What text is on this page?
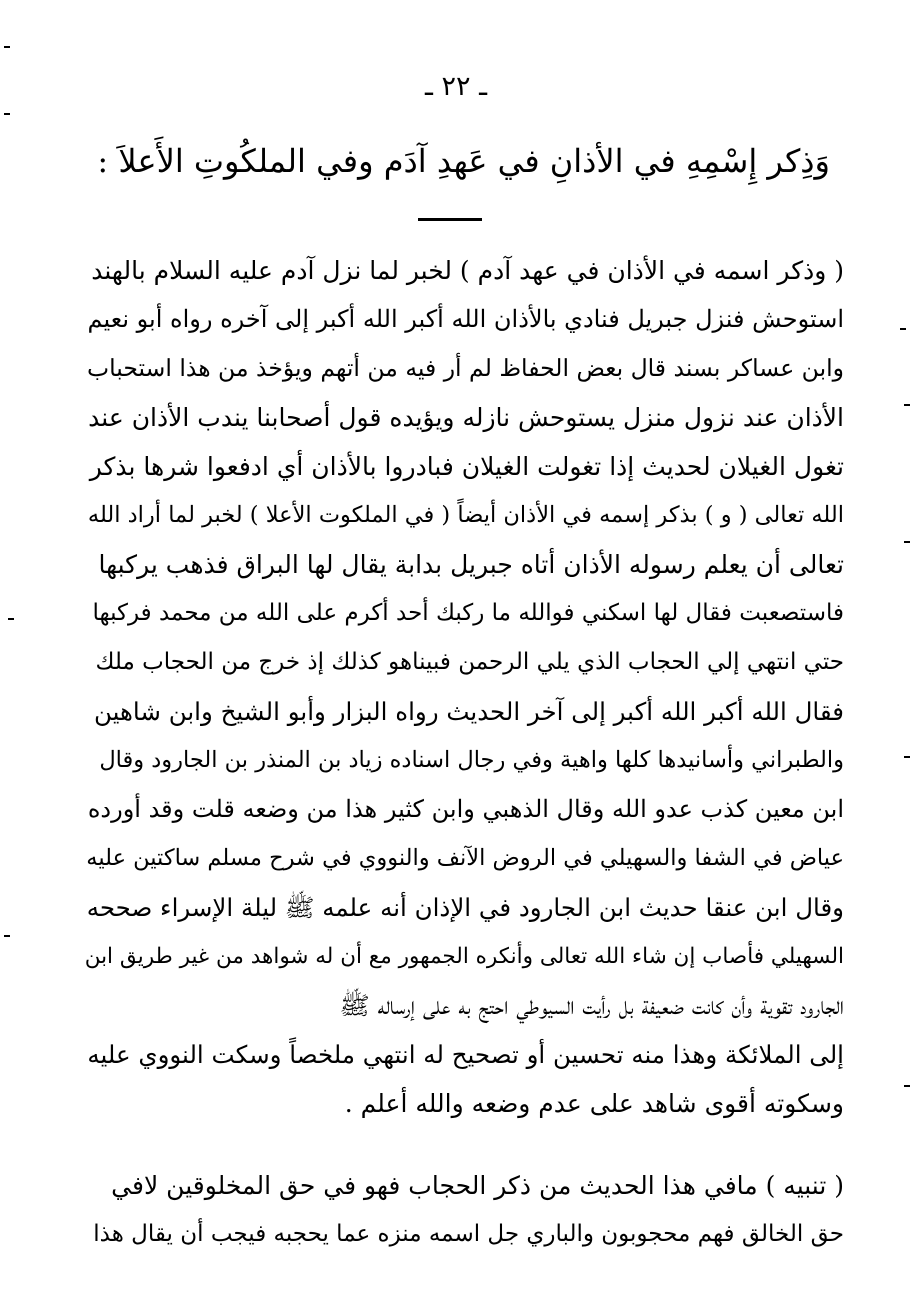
ـ ٢٢ ـ
وَذِكر إِسْمِهِ في الأذانِ في عَهدِ آدَم وفي الملكُوتِ الأَعلاَ :
( وذكر اسمه في الأذان في عهد آدم ) لخبر لما نزل آدم عليه السلام بالهند
استوحش فنزل جبريل فنادي بالأذان الله أكبر الله أكبر إلى آخره رواه أبو نعيم
وابن عساكر بسند قال بعض الحفاظ لم أر فيه من أتهم ويؤخذ من هذا استحباب
الأذان عند نزول منزل يستوحش نازله ويؤيده قول أصحابنا يندب الأذان عند
تغول الغيلان لحديث إذا تغولت الغيلان فبادروا بالأذان أي ادفعوا شرها بذكر
الله تعالى ( و ) بذكر إسمه في الأذان أيضاً ( في الملكوت الأعلا ) لخبر لما أراد الله
تعالى أن يعلم رسوله الأذان أتاه جبريل بدابة يقال لها البراق فذهب يركبها
فاستصعبت فقال لها اسكني فوالله ما ركبك أحد أكرم على الله من محمد فركبها
حتي انتهي إلي الحجاب الذي يلي الرحمن فبيناهو كذلك إذ خرج من الحجاب ملك
فقال الله أكبر الله أكبر إلى آخر الحديث رواه البزار وأبو الشيخ وابن شاهين
والطبراني وأسانيدها كلها واهية وفي رجال اسناده زياد بن المنذر بن الجارود وقال
ابن معين كذب عدو الله وقال الذهبي وابن كثير هذا من وضعه قلت وقد أورده
عياض في الشفا والسهيلي في الروض الآنف والنووي في شرح مسلم ساكتين عليه
وقال ابن عنقا حديث ابن الجارود في الإذان أنه علمه ﷺ ليلة الإسراء صححه
السهيلي فأصاب إن شاء الله تعالى وأنكره الجمهور مع أن له شواهد من غير طريق ابن
الجارود تقوية وأن كانت ضعيفة بل رأيت السيوطي احتج به على إرساله ﷺ
إلى الملائكة وهذا منه تحسين أو تصحيح له انتهي ملخصاً وسكت النووي عليه
وسكوته أقوى شاهد على عدم وضعه والله أعلم .
( تنبيه ) مافي هذا الحديث من ذكر الحجاب فهو في حق المخلوقين لافي
حق الخالق فهم محجوبون والباري جل اسمه منزه عما يحجبه فيجب أن يقال هذا
